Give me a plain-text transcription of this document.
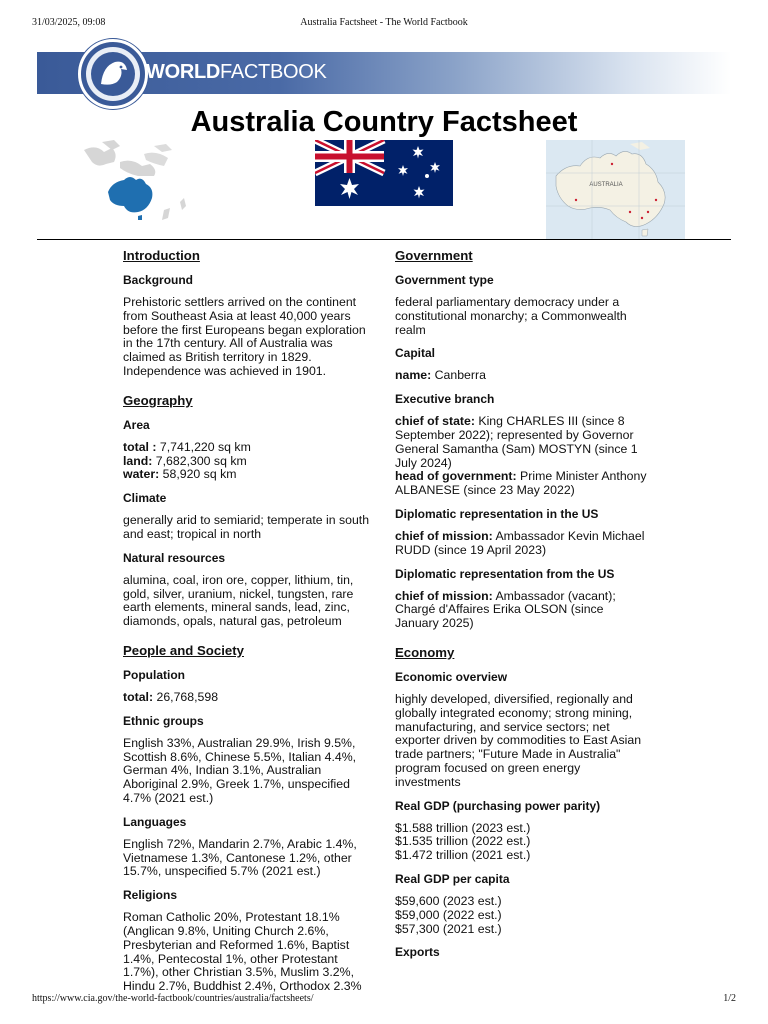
31/03/2025, 09:08	Australia Factsheet - The World Factbook
WORLDFACTBOOK
Australia Country Factsheet
AUSTRALIA
Introduction
Background
Prehistoric settlers arrived on the continent from Southeast Asia at least 40,000 years before the first Europeans began exploration in the 17th century. All of Australia was claimed as British territory in 1829. Independence was achieved in 1901.
Geography
Area
total : 7,741,220 sq km
land: 7,682,300 sq km
water: 58,920 sq km
Climate
generally arid to semiarid; temperate in south and east; tropical in north
Natural resources
alumina, coal, iron ore, copper, lithium, tin, gold, silver, uranium, nickel, tungsten, rare earth elements, mineral sands, lead, zinc, diamonds, opals, natural gas, petroleum
People and Society
Population
total: 26,768,598
Ethnic groups
English 33%, Australian 29.9%, Irish 9.5%, Scottish 8.6%, Chinese 5.5%, Italian 4.4%, German 4%, Indian 3.1%, Australian Aboriginal 2.9%, Greek 1.7%, unspecified 4.7% (2021 est.)
Languages
English 72%, Mandarin 2.7%, Arabic 1.4%, Vietnamese 1.3%, Cantonese 1.2%, other 15.7%, unspecified 5.7% (2021 est.)
Religions
Roman Catholic 20%, Protestant 18.1% (Anglican 9.8%, Uniting Church 2.6%, Presbyterian and Reformed 1.6%, Baptist 1.4%, Pentecostal 1%, other Protestant 1.7%), other Christian 3.5%, Muslim 3.2%, Hindu 2.7%, Buddhist 2.4%, Orthodox 2.3%
Government
Government type
federal parliamentary democracy under a constitutional monarchy; a Commonwealth realm
Capital
name: Canberra
Executive branch
chief of state: King CHARLES III (since 8 September 2022); represented by Governor General Samantha (Sam) MOSTYN (since 1 July 2024)
head of government: Prime Minister Anthony ALBANESE (since 23 May 2022)
Diplomatic representation in the US
chief of mission: Ambassador Kevin Michael RUDD (since 19 April 2023)
Diplomatic representation from the US
chief of mission: Ambassador (vacant); Chargé d'Affaires Erika OLSON (since January 2025)
Economy
Economic overview
highly developed, diversified, regionally and globally integrated economy; strong mining, manufacturing, and service sectors; net exporter driven by commodities to East Asian trade partners; "Future Made in Australia" program focused on green energy investments
Real GDP (purchasing power parity)
$1.588 trillion (2023 est.)
$1.535 trillion (2022 est.)
$1.472 trillion (2021 est.)
Real GDP per capita
$59,600 (2023 est.)
$59,000 (2022 est.)
$57,300 (2021 est.)
Exports
https://www.cia.gov/the-world-factbook/countries/australia/factsheets/	1/2
